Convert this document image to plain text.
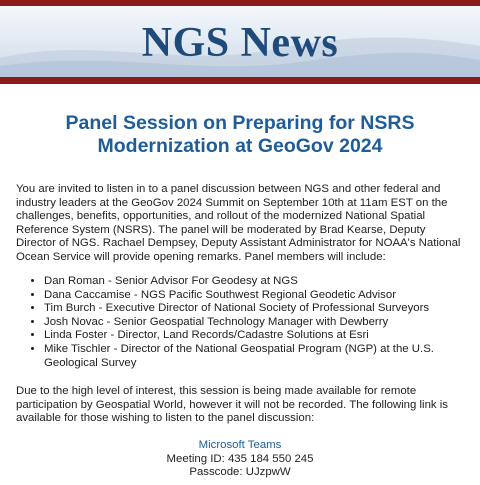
NGS News
Panel Session on Preparing for NSRS
Modernization at GeoGov 2024

You are invited to listen in to a panel discussion between NGS and other federal and industry leaders at the GeoGov 2024 Summit on September 10th at 11am EST on the challenges, benefits, opportunities, and rollout of the modernized National Spatial Reference System (NSRS). The panel will be moderated by Brad Kearse, Deputy Director of NGS. Rachael Dempsey, Deputy Assistant Administrator for NOAA's National Ocean Service will provide opening remarks. Panel members will include:

• Dan Roman - Senior Advisor For Geodesy at NGS
• Dana Caccamise - NGS Pacific Southwest Regional Geodetic Advisor
• Tim Burch - Executive Director of National Society of Professional Surveyors
• Josh Novac - Senior Geospatial Technology Manager with Dewberry
• Linda Foster - Director, Land Records/Cadastre Solutions at Esri
• Mike Tischler - Director of the National Geospatial Program (NGP) at the U.S. Geological Survey

Due to the high level of interest, this session is being made available for remote participation by Geospatial World, however it will not be recorded. The following link is available for those wishing to listen to the panel discussion:

Microsoft Teams
Meeting ID: 435 184 550 245
Passcode: UJzpwW
